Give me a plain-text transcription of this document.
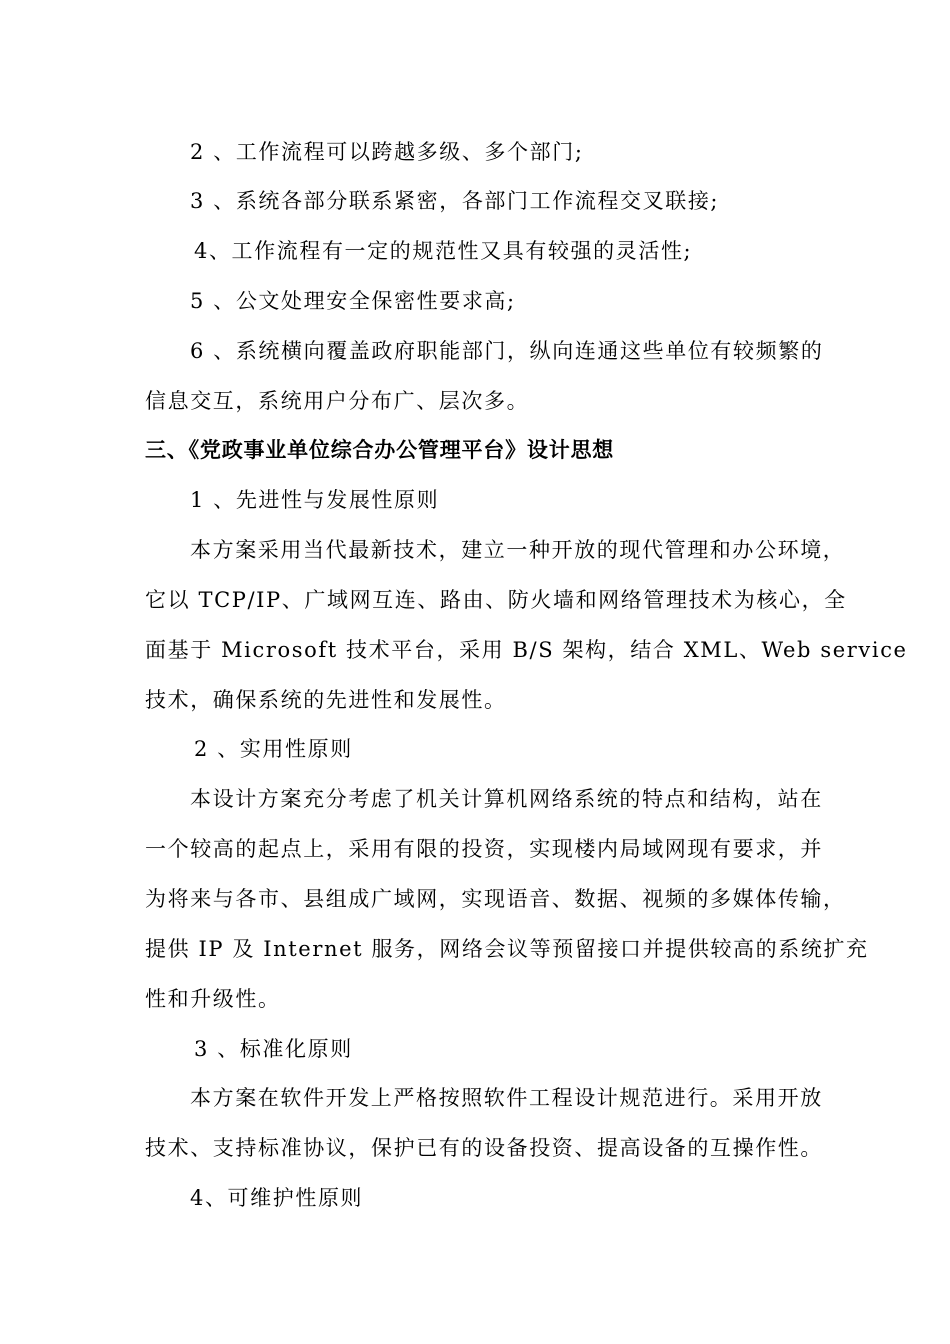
2 、工作流程可以跨越多级、多个部门;
3 、系统各部分联系紧密，各部门工作流程交叉联接;
4、工作流程有一定的规范性又具有较强的灵活性;
5 、公文处理安全保密性要求高;
6 、系统横向覆盖政府职能部门，纵向连通这些单位有较频繁的
信息交互，系统用户分布广、层次多。
三、《党政事业单位综合办公管理平台》设计思想
1 、先进性与发展性原则
本方案采用当代最新技术，建立一种开放的现代管理和办公环境，
它以 TCP/IP、广域网互连、路由、防火墙和网络管理技术为核心，全
面基于 Microsoft 技术平台，采用 B/S 架构，结合 XML、Web service
技术，确保系统的先进性和发展性。
2 、实用性原则
本设计方案充分考虑了机关计算机网络系统的特点和结构，站在
一个较高的起点上，采用有限的投资，实现楼内局域网现有要求，并
为将来与各市、县组成广域网，实现语音、数据、视频的多媒体传输，
提供 IP 及 Internet 服务，网络会议等预留接口并提供较高的系统扩充
性和升级性。
3 、标准化原则
本方案在软件开发上严格按照软件工程设计规范进行。采用开放
技术、支持标准协议，保护已有的设备投资、提高设备的互操作性。
4、可维护性原则
